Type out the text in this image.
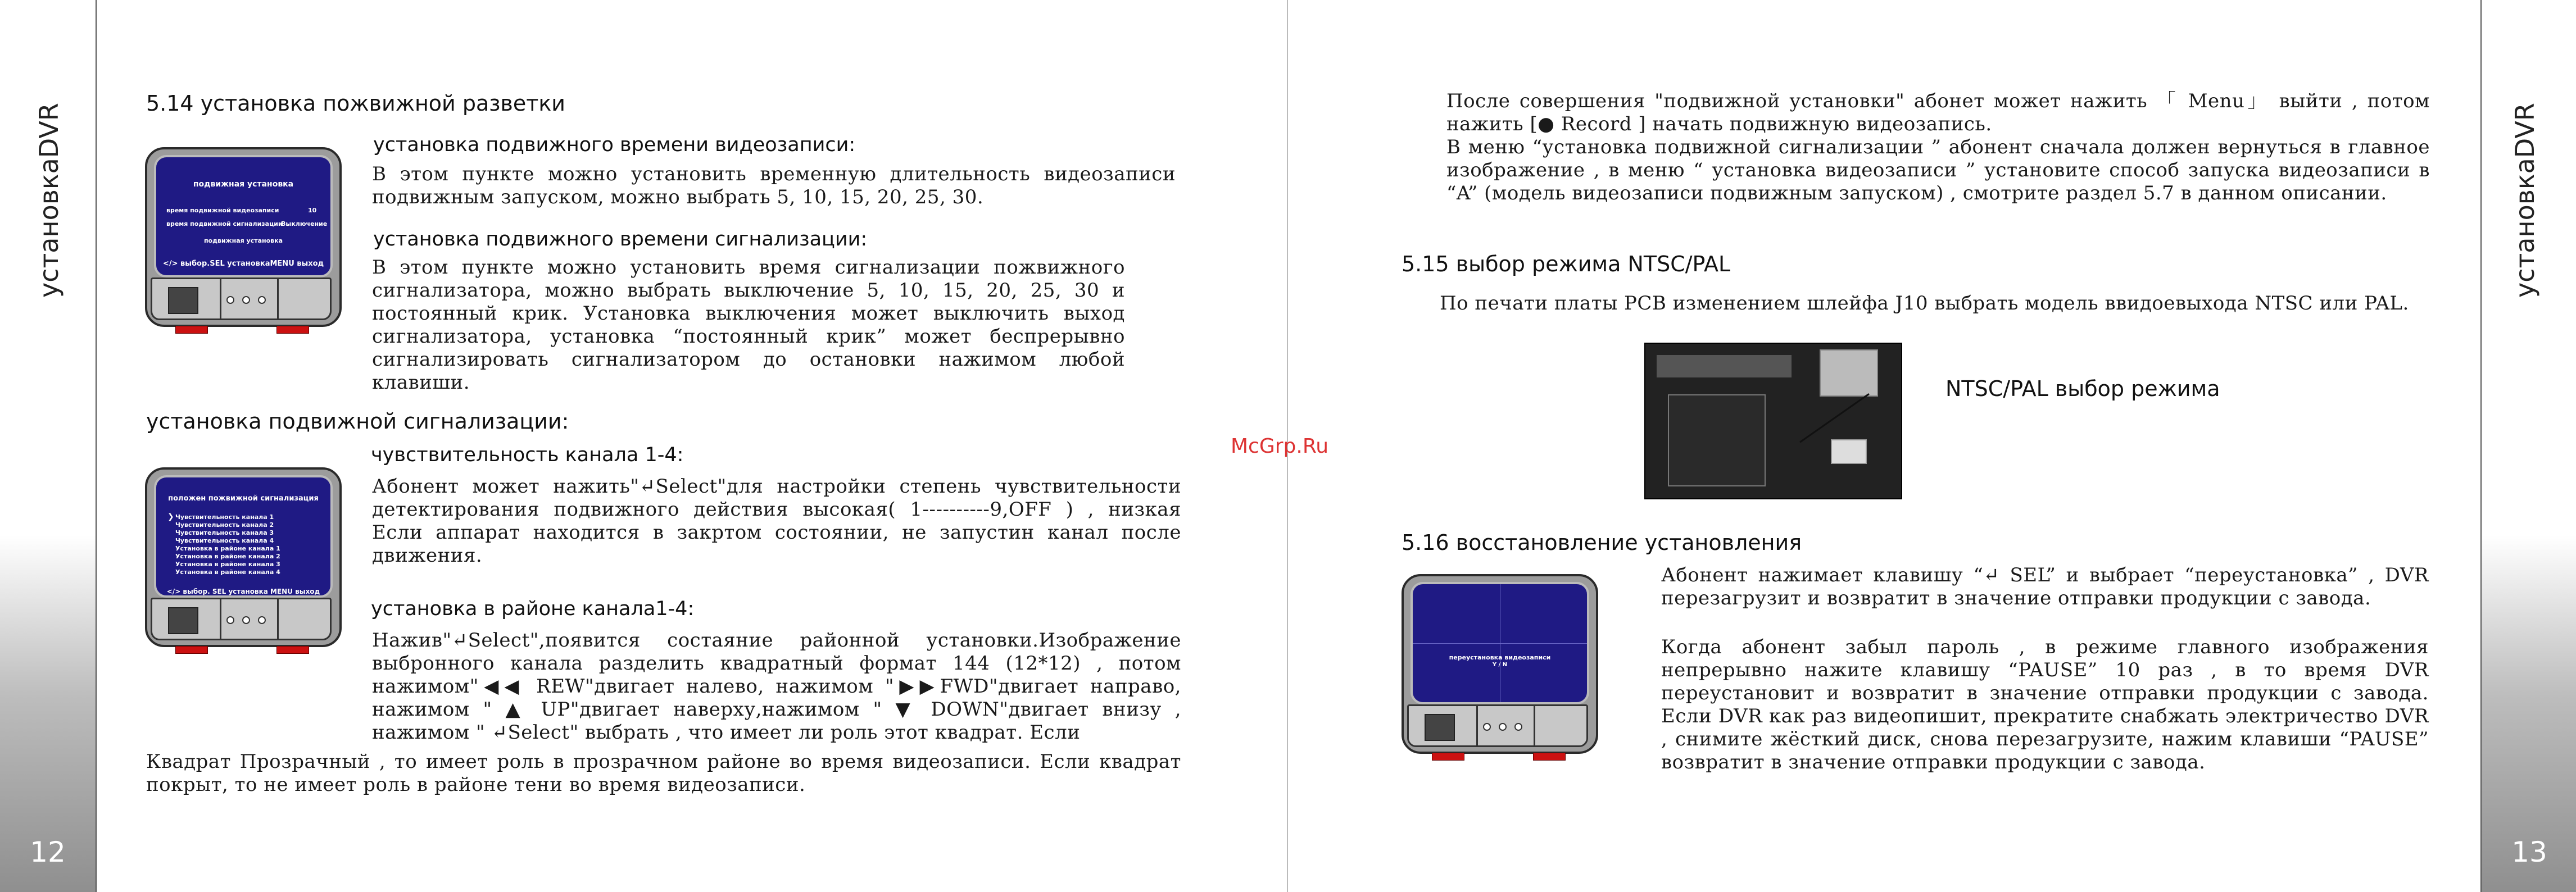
установкаDVR
12
установкаDVR
13
5.14 установка пожвижной разветки
подвижная установка
время подвижной видеозаписи	10
время подвижной сигнализации
Выключение
подвижная установка
</> выбор.SEL установкаMENU выход
установка подвижного времени видеозаписи:
В этом пункте можно установить временную длительность видеозаписи подвижным запуском, можно выбрать 5, 10, 15, 20, 25, 30.
установка подвижного времени сигнализации:
В этом пункте можно установить время сигнализации пожвижного сигнализатора, можно выбрать выключение 5, 10, 15, 20, 25, 30 и постоянный крик. Установка выключения может выключить выход сигнализатора, установка “постоянный крик” может беспрерывно сигнализировать сигнализатором до остановки нажимом любой клавиши.
установка подвижной сигнализации:
положен пожвижной сигнализация
Чувствительность канала 1
Чувствительность канала 2
Чувствительность канала 3
Чувствительность канала 4
Установка в районе канала 1
Установка в районе канала 2
Установка в районе канала 3
Установка в районе канала 4
❯
</> выбор. SEL установка MENU выход
чувствительность канала 1-4:
Абонент может нажить"↵Select"для настройки степень чувствительности детектирования подвижного действия высокая( 1----------9,OFF ) , низкая Если аппарат находится в закртом состоянии, не запустин канал после движения.
установка в районе канала1-4:
Нажив"↵Select",появится состаяние районной установки.Изображение выбронного канала разделить квадратный формат 144 (12*12) , потом нажимом"◀◀ REW"двигает налево, нажимом "▶▶FWD"двигает направо, нажимом " ▲ UP"двигает наверху,нажимом " ▼ DOWN"двигает внизу , нажимом " ↵Select" выбрать , что имеет ли роль этот квадрат. Если
Квадрат Прозрачный , то имеет роль в прозрачном районе во время видеозаписи. Если квадрат покрыт, то не имеет роль в районе тени во время видеозаписи.
McGrp.Ru
После совершения "подвижной установки" абонет может нажить 「 Menu」 выйти , потом нажить [● Record ] начать подвижную видеозапись.
В меню “установка подвижной сигнализации ” абонент сначала должен вернуться в главное изображение , в меню “ установка видеозаписи ” установите способ запуска видеозаписи в “A” (модель видеозаписи подвижным запуском) , смотрите раздел 5.7 в данном описании.
5.15 выбор режима NTSC/PAL
По печати платы PCB изменением шлейфа J10 выбрать модель ввидоевыхода NTSC или PAL.
NTSC/PAL выбор режима
5.16 восстановление установления
переустановка видеозаписи
Y / N
Абонент нажимает клавишу “↵ SEL” и выбрает “переустановка” , DVR перезагрузит и возвратит в значение отправки продукции с завода.
Когда абонент забыл пароль , в режиме главного изображения непрерывно нажите клавишу “PAUSE” 10 раз , в то время DVR переустановит и возвратит в значение отправки продукции с завода. Если DVR как раз видеопишит, прекратите снабжать электричество DVR , снимите жёсткий диск, снова перезагрузите, нажим клавиши “PAUSE” возвратит в значение отправки продукции с завода.
